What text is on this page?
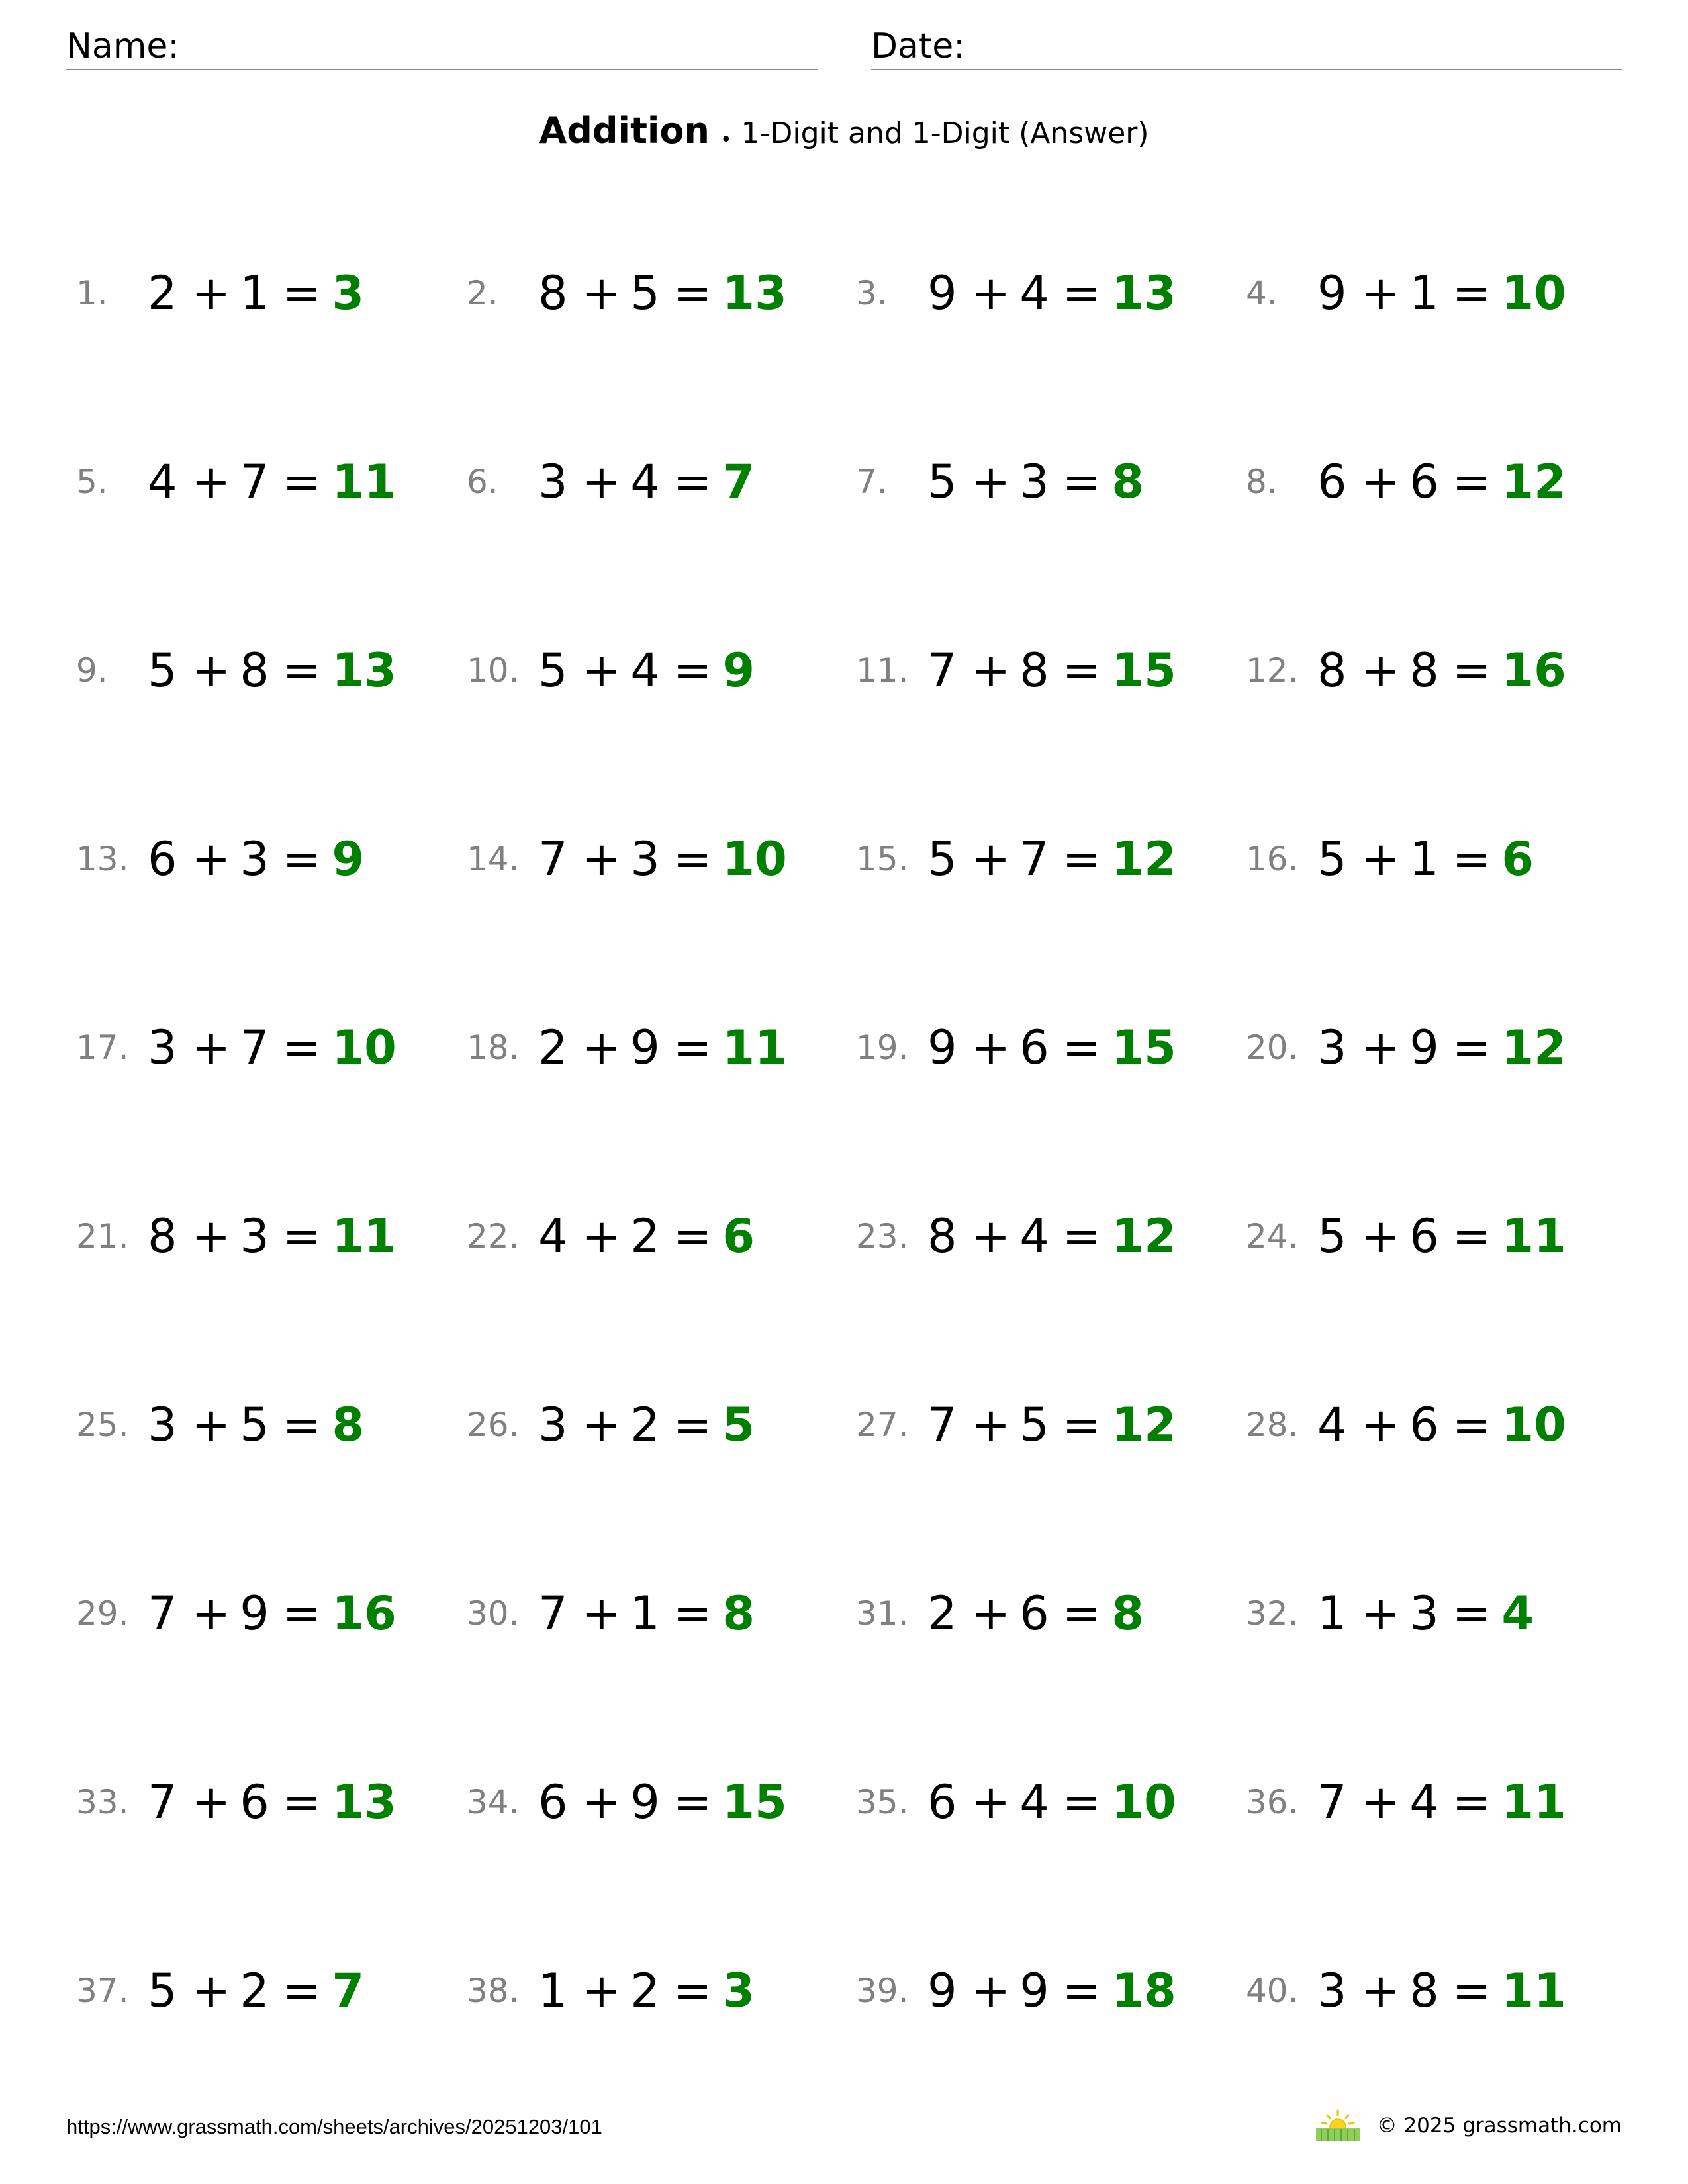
Name:	Date:
Addition • 1-Digit and 1-Digit (Answer)
1. 2 + 1 = 3	2. 8 + 5 = 13 3. 9 + 4 = 13 4. 9 + 1 = 10
5. 4 + 7 = 11 6. 3 + 4 = 7	7. 5 + 3 = 8	8. 6 + 6 = 12
9. 5 + 8 = 13 10. 5 + 4 = 9	11. 7 + 8 = 15 12. 8 + 8 = 16
13. 6 + 3 = 9	14. 7 + 3 = 10 15. 5 + 7 = 12 16. 5 + 1 = 6
17. 3 + 7 = 10 18. 2 + 9 = 11 19. 9 + 6 = 15 20. 3 + 9 = 12
21. 8 + 3 = 11 22. 4 + 2 = 6	23. 8 + 4 = 12 24. 5 + 6 = 11
25. 3 + 5 = 8	26. 3 + 2 = 5	27. 7 + 5 = 12 28. 4 + 6 = 10
29. 7 + 9 = 16 30. 7 + 1 = 8	31. 2 + 6 = 8	32. 1 + 3 = 4
33. 7 + 6 = 13 34. 6 + 9 = 15 35. 6 + 4 = 10 36. 7 + 4 = 11
37. 5 + 2 = 7	38. 1 + 2 = 3	39. 9 + 9 = 18 40. 3 + 8 = 11
https://www.grassmath.com/sheets/archives/20251203/101	© 2025 grassmath.com
